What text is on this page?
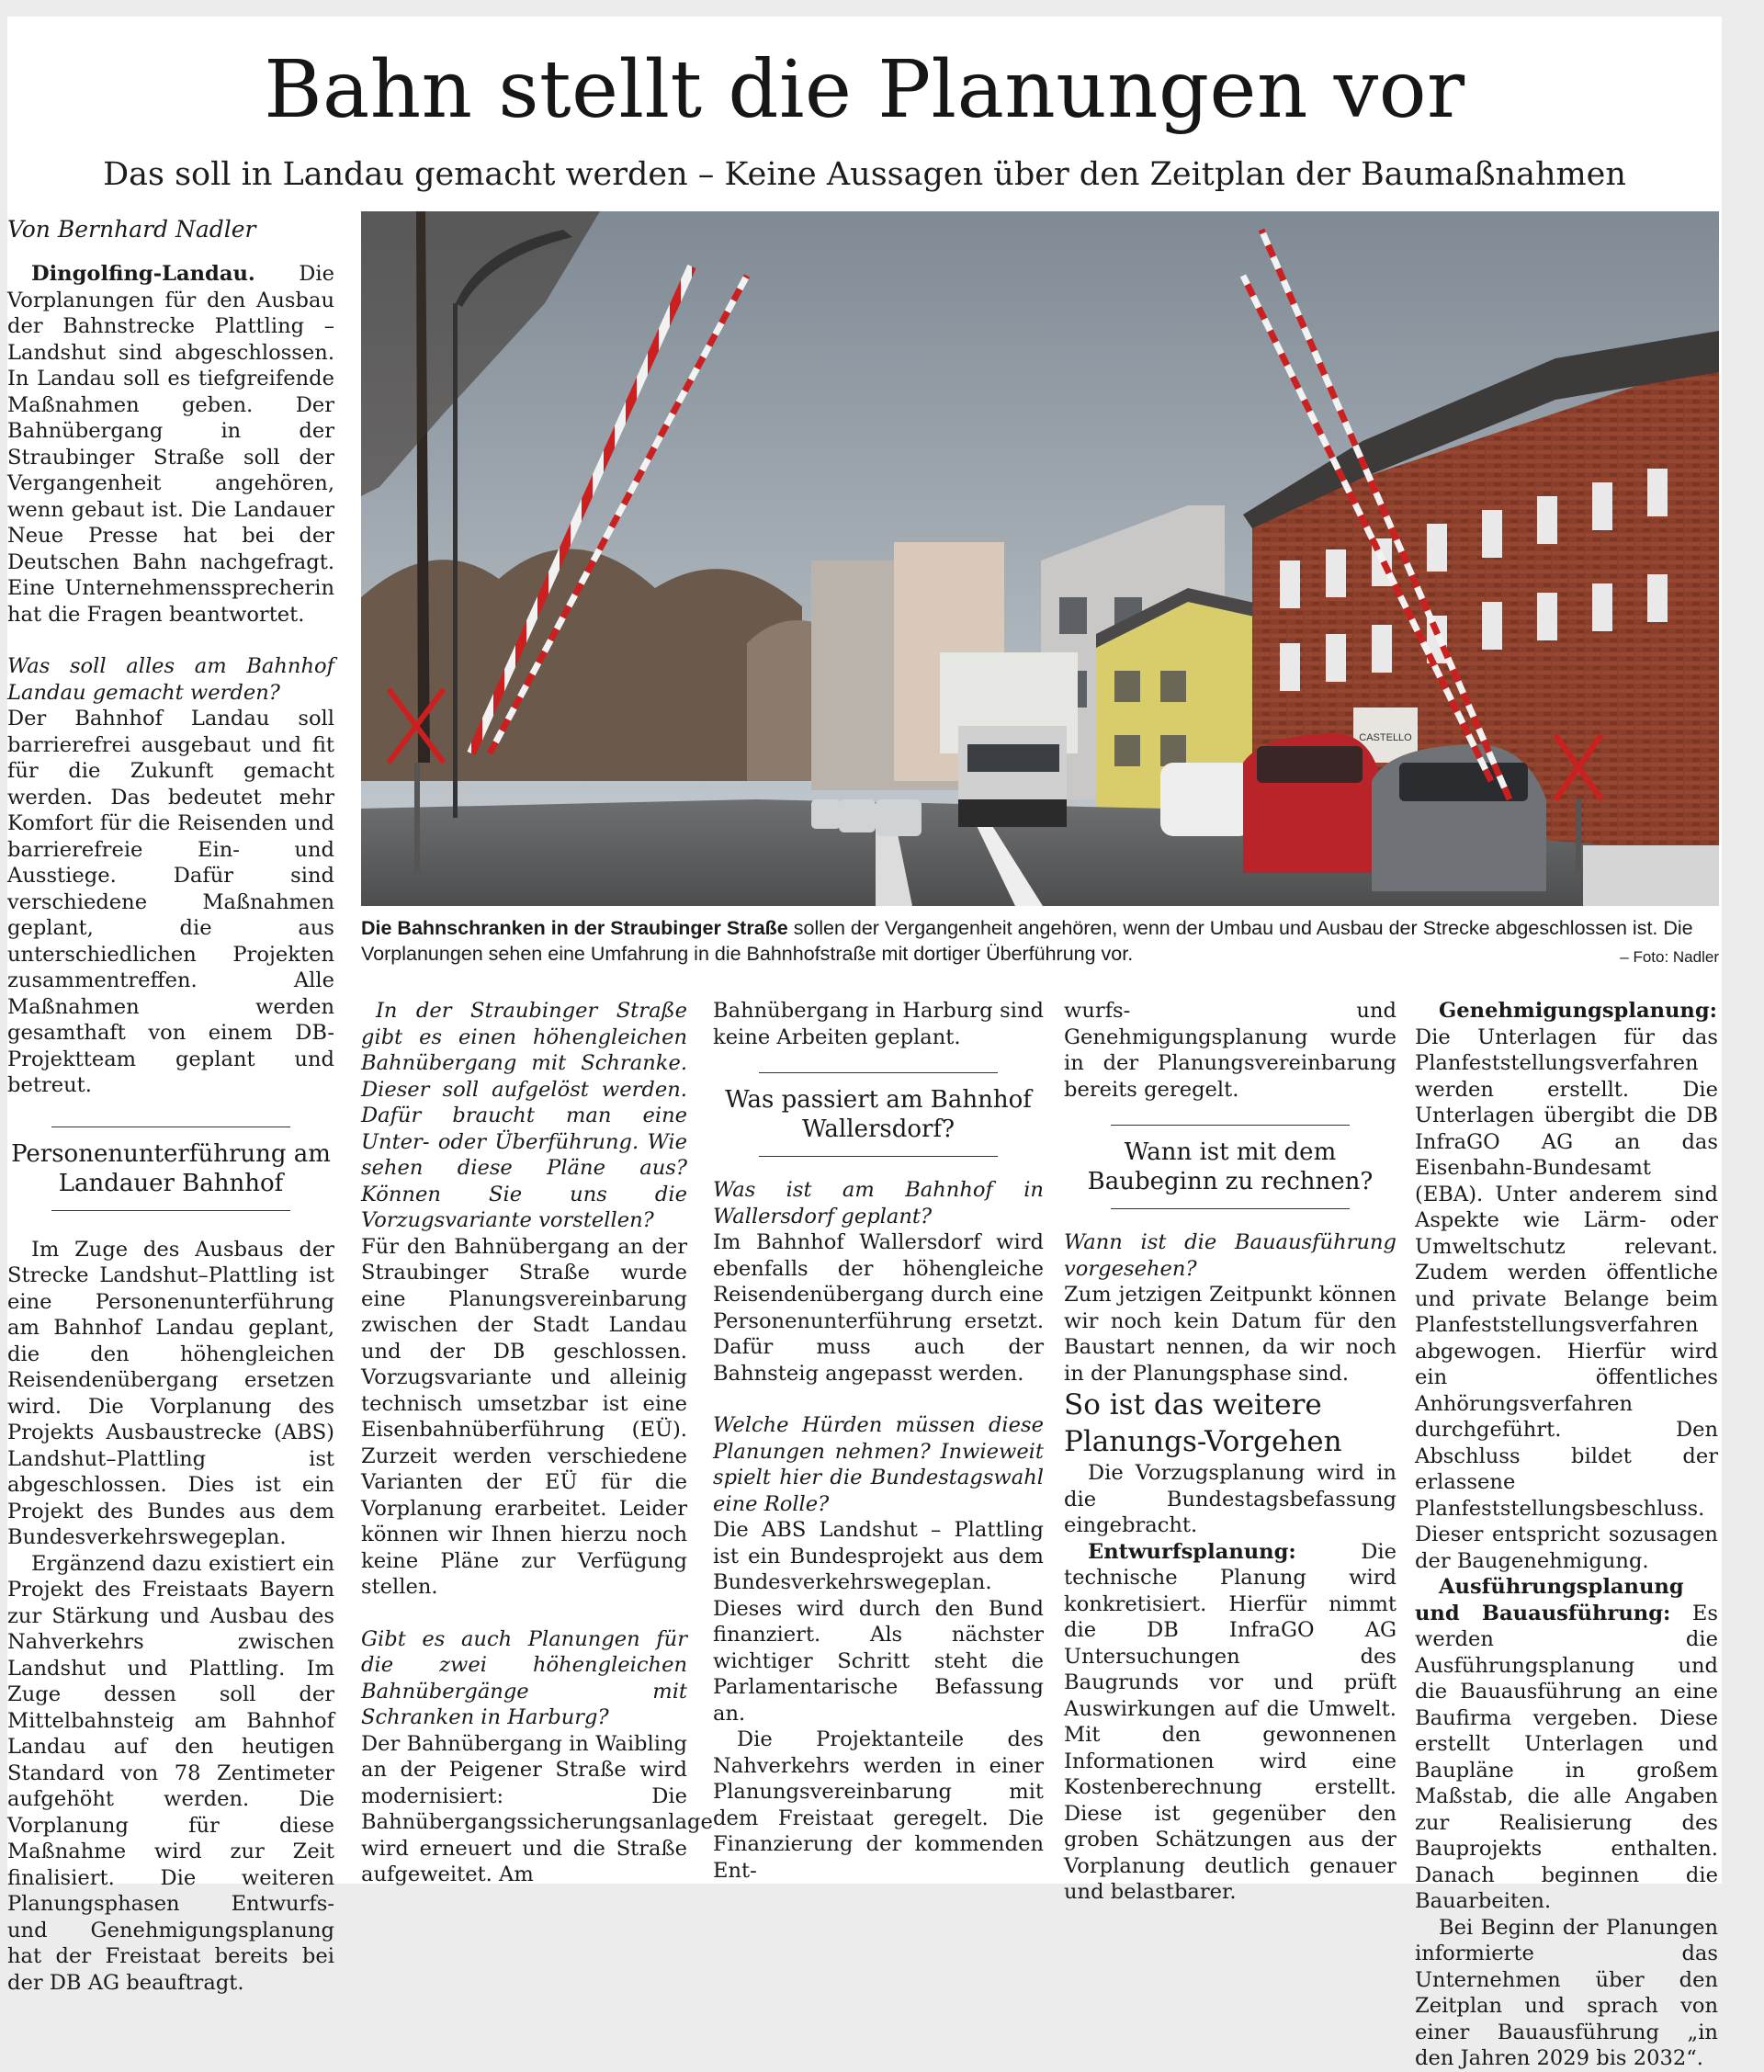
Bahn stellt die Planungen vor
Das soll in Landau gemacht werden – Keine Aussagen über den Zeitplan der Baumaßnahmen
Von Bernhard Nadler

Dingolfing-Landau. Die Vorplanungen für den Ausbau der Bahnstrecke Plattling – Landshut sind abgeschlossen. In Landau soll es tiefgreifende Maßnahmen geben. Der Bahnübergang in der Straubinger Straße soll der Vergangenheit angehören, wenn gebaut ist. Die Landauer Neue Presse hat bei der Deutschen Bahn nachgefragt. Eine Unternehmenssprecherin hat die Fragen beantwortet.

Was soll alles am Bahnhof Landau gemacht werden?

Der Bahnhof Landau soll barrierefrei ausgebaut und fit für die Zukunft gemacht werden. Das bedeutet mehr Komfort für die Reisenden und barrierefreie Ein- und Ausstiege. Dafür sind verschiedene Maßnahmen geplant, die aus unterschiedlichen Projekten zusammentreffen. Alle Maßnahmen werden gesamthaft von einem DB-Projektteam geplant und betreut.

Personenunterführung am Landauer Bahnhof

Im Zuge des Ausbaus der Strecke Landshut–Plattling ist eine Personenunterführung am Bahnhof Landau geplant, die den höhengleichen Reisendenübergang ersetzen wird. Die Vorplanung des Projekts Ausbaustrecke (ABS) Landshut–Plattling ist abgeschlossen. Dies ist ein Projekt des Bundes aus dem Bundesverkehrswegeplan.

Ergänzend dazu existiert ein Projekt des Freistaats Bayern zur Stärkung und Ausbau des Nahverkehrs zwischen Landshut und Plattling. Im Zuge dessen soll der Mittelbahnsteig am Bahnhof Landau auf den heutigen Standard von 78 Zentimeter aufgehöht werden. Die Vorplanung für diese Maßnahme wird zur Zeit finalisiert. Die weiteren Planungsphasen Entwurfs- und Genehmigungsplanung hat der Freistaat bereits bei der DB AG beauftragt.

CASTELLO
Die Bahnschranken in der Straubinger Straße sollen der Vergangenheit angehören, wenn der Umbau und Ausbau der Strecke abgeschlossen ist. Die Vorplanungen sehen eine Umfahrung in die Bahnhofstraße mit dortiger Überführung vor.	– Foto: Nadler

In der Straubinger Straße gibt es einen höhengleichen Bahnübergang mit Schranke. Dieser soll aufgelöst werden. Dafür braucht man eine Unter- oder Überführung. Wie sehen diese Pläne aus? Können Sie uns die Vorzugsvariante vorstellen?

Für den Bahnübergang an der Straubinger Straße wurde eine Planungsvereinbarung zwischen der Stadt Landau und der DB geschlossen. Vorzugsvariante und alleinig technisch umsetzbar ist eine Eisenbahnüberführung (EÜ). Zurzeit werden verschiedene Varianten der EÜ für die Vorplanung erarbeitet. Leider können wir Ihnen hierzu noch keine Pläne zur Verfügung stellen.

Gibt es auch Planungen für die zwei höhengleichen Bahnübergänge mit Schranken in Harburg?

Der Bahnübergang in Waibling an der Peigener Straße wird modernisiert: Die Bahnübergangssicherungsanlage wird erneuert und die Straße aufgeweitet. Am

Bahnübergang in Harburg sind keine Arbeiten geplant.

Was passiert am Bahnhof Wallersdorf?

Was ist am Bahnhof in Wallersdorf geplant?

Im Bahnhof Wallersdorf wird ebenfalls der höhengleiche Reisendenübergang durch eine Personenunterführung ersetzt. Dafür muss auch der Bahnsteig angepasst werden.

Welche Hürden müssen diese Planungen nehmen? Inwieweit spielt hier die Bundestagswahl eine Rolle?

Die ABS Landshut – Plattling ist ein Bundesprojekt aus dem Bundesverkehrswegeplan. Dieses wird durch den Bund finanziert. Als nächster wichtiger Schritt steht die Parlamentarische Befassung an.

Die Projektanteile des Nahverkehrs werden in einer Planungsvereinbarung mit dem Freistaat geregelt. Die Finanzierung der kommenden Ent-

wurfs- und Genehmigungsplanung wurde in der Planungsvereinbarung bereits geregelt.

Wann ist mit dem Baubeginn zu rechnen?

Wann ist die Bauausführung vorgesehen?

Zum jetzigen Zeitpunkt können wir noch kein Datum für den Baustart nennen, da wir noch in der Planungsphase sind.

So ist das weitere Planungs-Vorgehen

Die Vorzugsplanung wird in die Bundestagsbefassung eingebracht.

Entwurfsplanung: Die technische Planung wird konkretisiert. Hierfür nimmt die DB InfraGO AG Untersuchungen des Baugrunds vor und prüft Auswirkungen auf die Umwelt. Mit den gewonnenen Informationen wird eine Kostenberechnung erstellt. Diese ist gegenüber den groben Schätzungen aus der Vorplanung deutlich genauer und belastbarer.

Genehmigungsplanung: Die Unterlagen für das Planfeststellungsverfahren werden erstellt. Die Unterlagen übergibt die DB InfraGO AG an das Eisenbahn-Bundesamt (EBA). Unter anderem sind Aspekte wie Lärm- oder Umweltschutz relevant. Zudem werden öffentliche und private Belange beim Planfeststellungsverfahren abgewogen. Hierfür wird ein öffentliches Anhörungsverfahren durchgeführt. Den Abschluss bildet der erlassene Planfeststellungsbeschluss. Dieser entspricht sozusagen der Baugenehmigung.

Ausführungsplanung und Bauausführung: Es werden die Ausführungsplanung und die Bauausführung an eine Baufirma vergeben. Diese erstellt Unterlagen und Baupläne in großem Maßstab, die alle Angaben zur Realisierung des Bauprojekts enthalten. Danach beginnen die Bauarbeiten.

Bei Beginn der Planungen informierte das Unternehmen über den Zeitplan und sprach von einer Bauausführung „in den Jahren 2029 bis 2032“.
